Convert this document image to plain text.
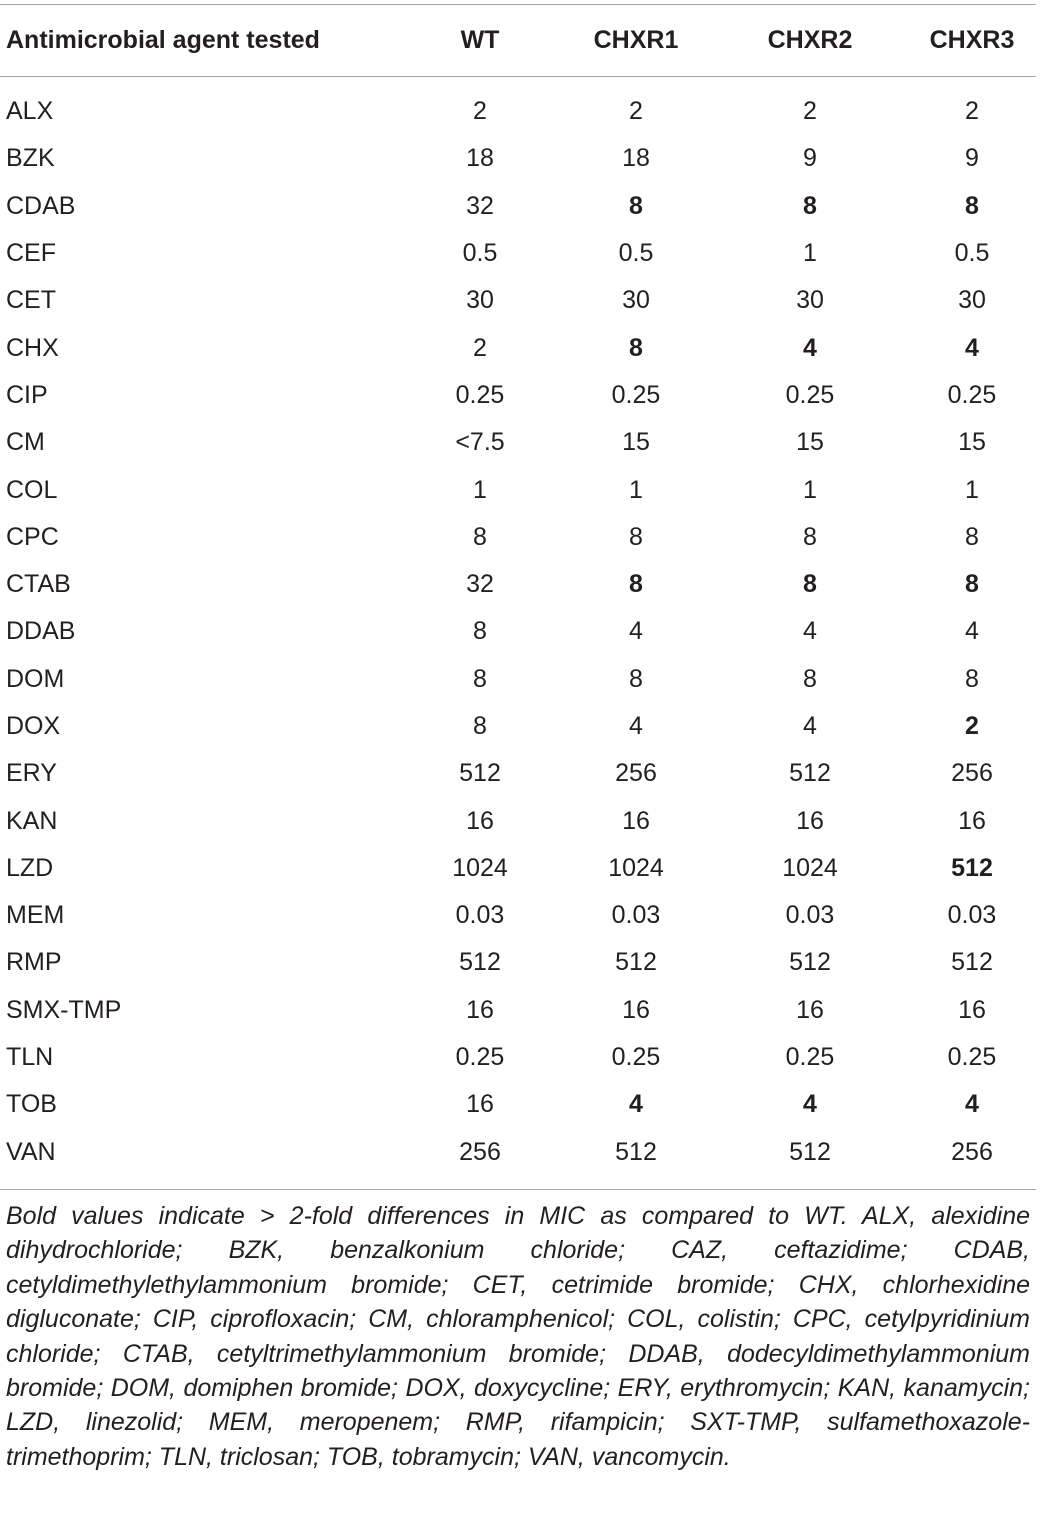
Antimicrobial agent tested	WT	CHXR1	CHXR2	CHXR3

ALX	2	2	2	2
BZK	18	18	9	9
CDAB	32	8	8	8
CEF	0.5	0.5	1	0.5
CET	30	30	30	30
CHX	2	8	4	4
CIP	0.25	0.25	0.25	0.25
CM	<7.5	15	15	15
COL	1	1	1	1
CPC	8	8	8	8
CTAB	32	8	8	8
DDAB	8	4	4	4
DOM	8	8	8	8
DOX	8	4	4	2
ERY	512	256	512	256
KAN	16	16	16	16
LZD	1024	1024	1024	512
MEM	0.03	0.03	0.03	0.03
RMP	512	512	512	512
SMX-TMP	16	16	16	16
TLN	0.25	0.25	0.25	0.25
TOB	16	4	4	4
VAN	256	512	512	256

Bold values indicate > 2-fold differences in MIC as compared to WT. ALX, alexidine dihydrochloride; BZK, benzalkonium chloride; CAZ, ceftazidime; CDAB, cetyldimethylethylammonium bromide; CET, cetrimide bromide; CHX, chlorhexidine digluconate; CIP, ciprofloxacin; CM, chloramphenicol; COL, colistin; CPC, cetylpyridinium chloride; CTAB, cetyltrimethylammonium bromide; DDAB, dodecyldimethylammonium bromide; DOM, domiphen bromide; DOX, doxycycline; ERY, erythromycin; KAN, kanamycin; LZD, linezolid; MEM, meropenem; RMP, rifampicin; SXT-TMP, sulfamethoxazole-trimethoprim; TLN, triclosan; TOB, tobramycin; VAN, vancomycin.
